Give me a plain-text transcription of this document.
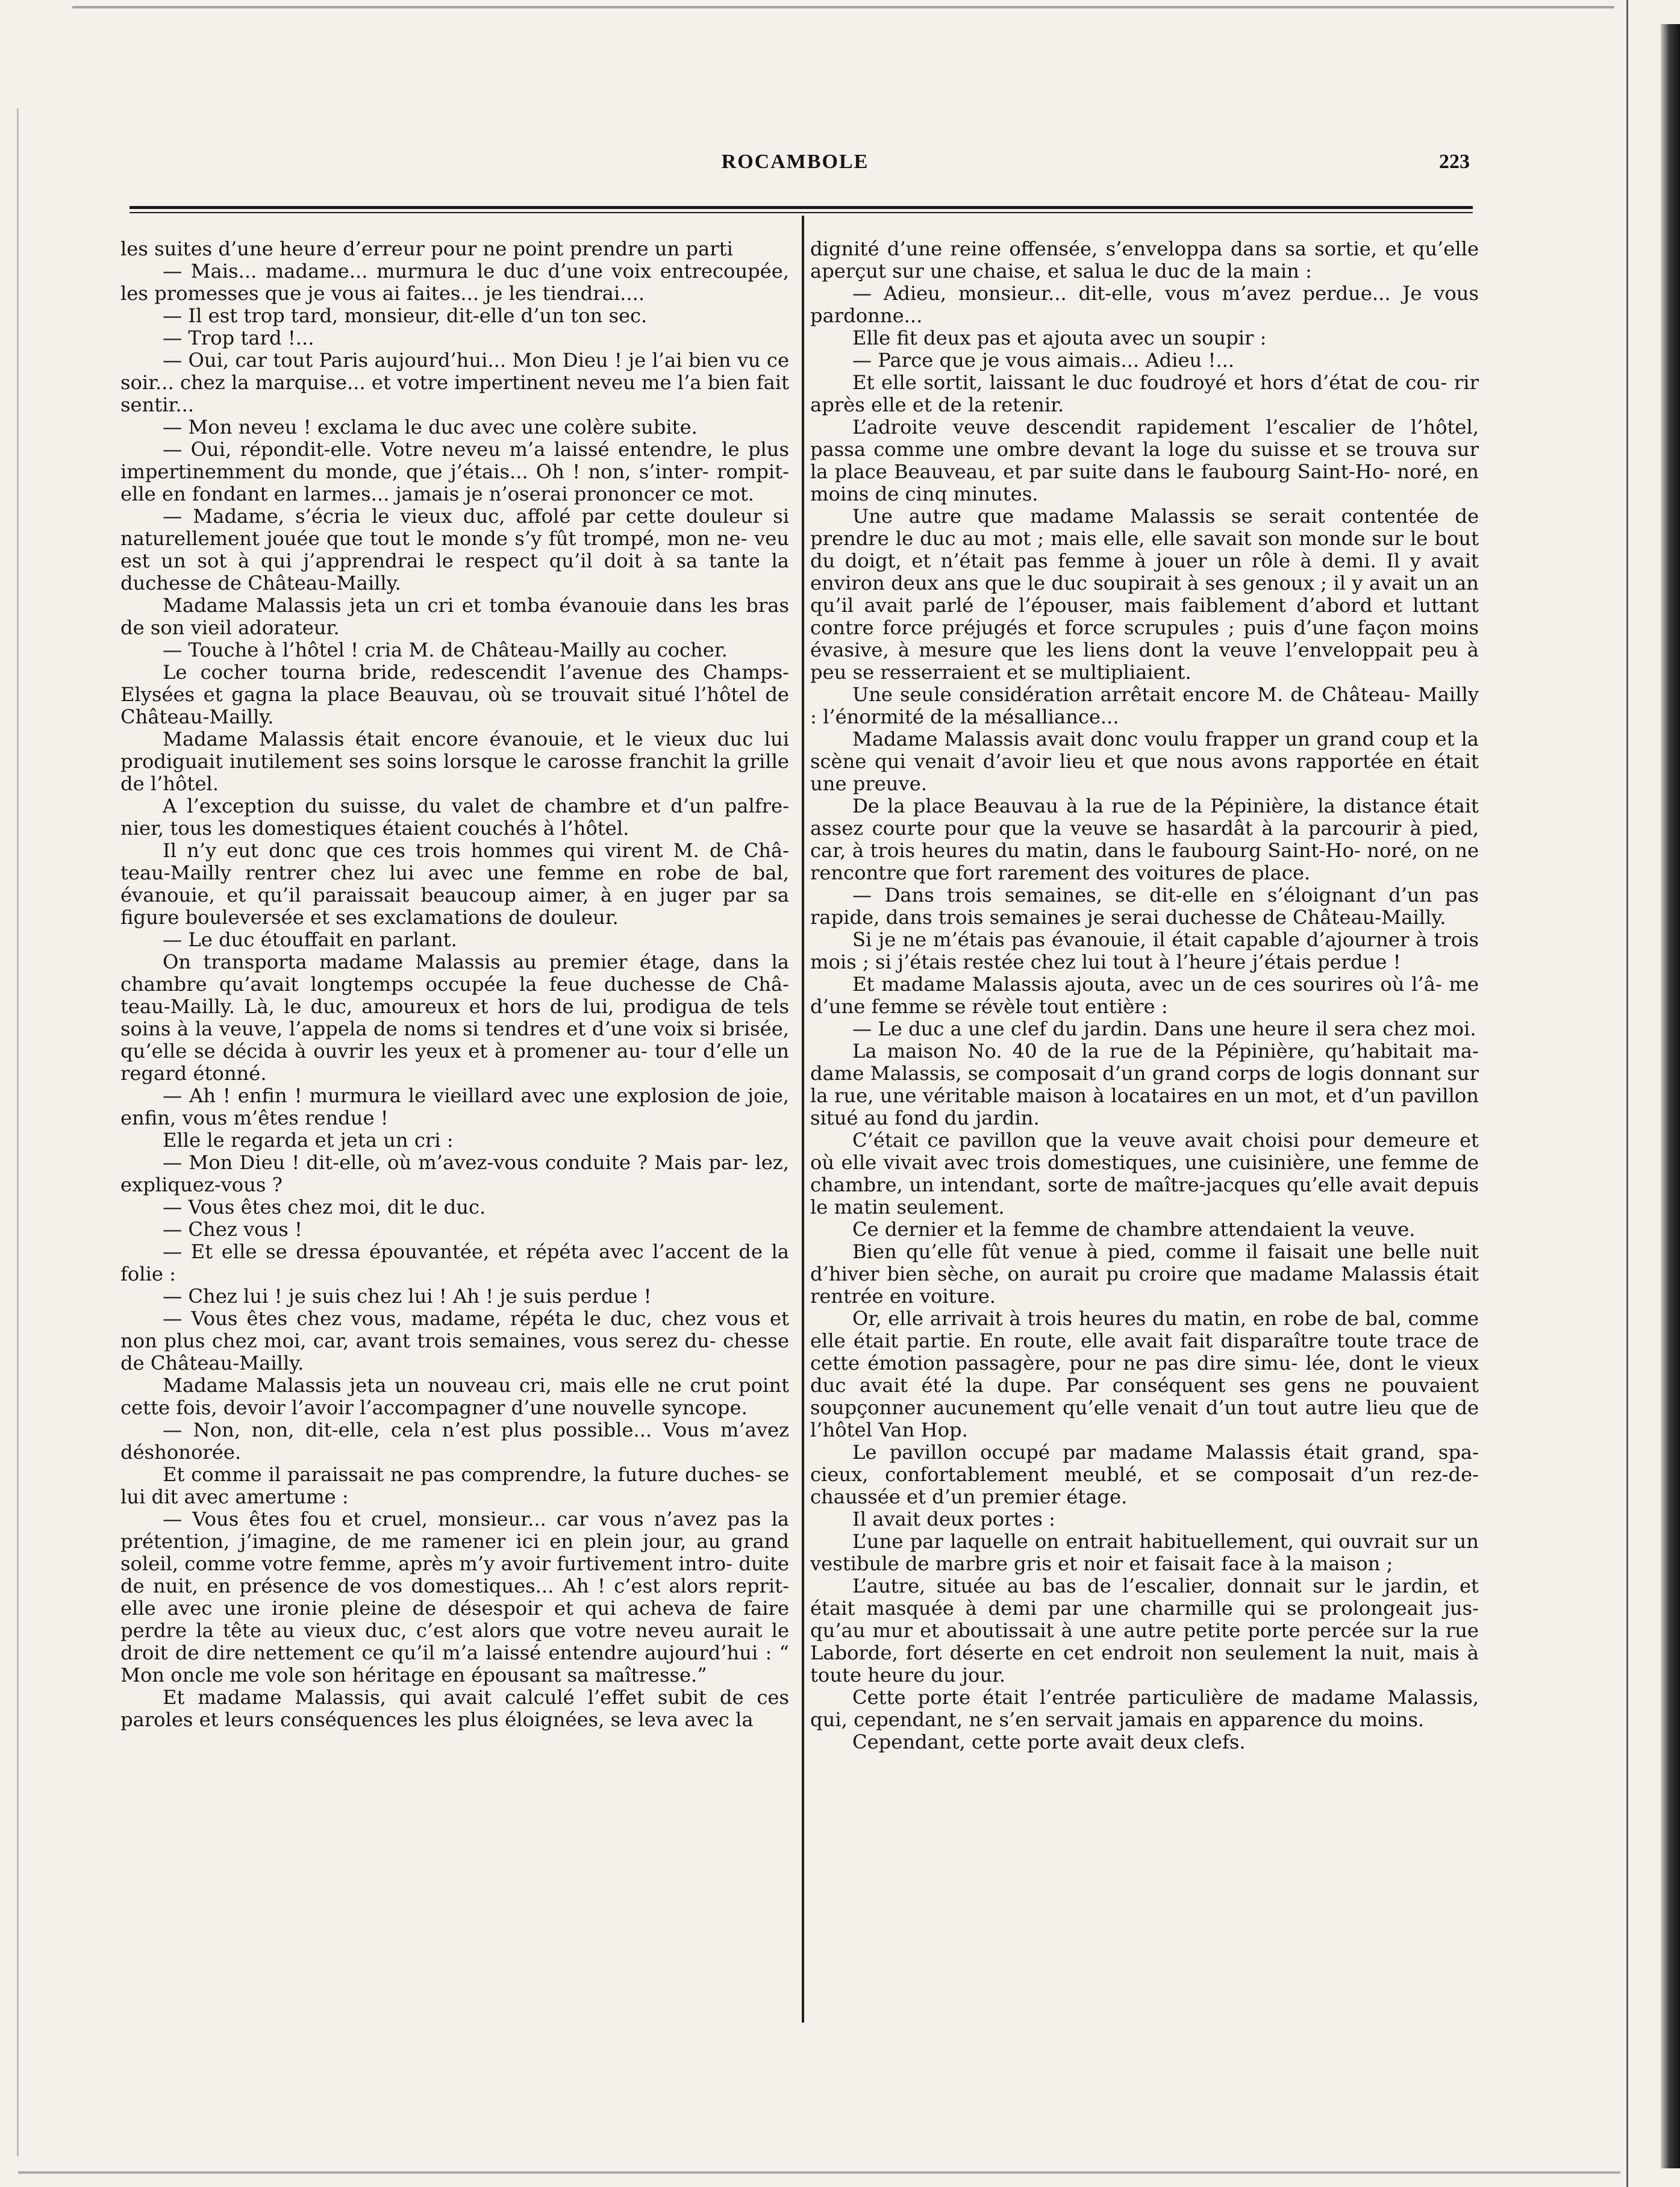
ROCAMBOLE	223

les suites d’une heure d’erreur pour ne point prendre un parti

— Mais... madame... murmura le duc d’une voix entrecoupée, les promesses que je vous ai faites... je les tiendrai....

— Il est trop tard, monsieur, dit-elle d’un ton sec.

— Trop tard !...

— Oui, car tout Paris aujourd’hui... Mon Dieu ! je l’ai bien vu ce soir... chez la marquise... et votre impertinent neveu me l’a bien fait sentir...

— Mon neveu ! exclama le duc avec une colère subite.

— Oui, répondit-elle. Votre neveu m’a laissé entendre, le plus impertinemment du monde, que j’étais... Oh ! non, s’inter- rompit-elle en fondant en larmes... jamais je n’oserai prononcer ce mot.

— Madame, s’écria le vieux duc, affolé par cette douleur si naturellement jouée que tout le monde s’y fût trompé, mon ne- veu est un sot à qui j’apprendrai le respect qu’il doit à sa tante la duchesse de Château-Mailly.

Madame Malassis jeta un cri et tomba évanouie dans les bras de son vieil adorateur.

— Touche à l’hôtel ! cria M. de Château-Mailly au cocher.

Le cocher tourna bride, redescendit l’avenue des Champs- Elysées et gagna la place Beauvau, où se trouvait situé l’hôtel de Château-Mailly.

Madame Malassis était encore évanouie, et le vieux duc lui prodiguait inutilement ses soins lorsque le carosse franchit la grille de l’hôtel.

A l’exception du suisse, du valet de chambre et d’un palfre- nier, tous les domestiques étaient couchés à l’hôtel.

Il n’y eut donc que ces trois hommes qui virent M. de Châ- teau-Mailly rentrer chez lui avec une femme en robe de bal, évanouie, et qu’il paraissait beaucoup aimer, à en juger par sa figure bouleversée et ses exclamations de douleur.

— Le duc étouffait en parlant.

On transporta madame Malassis au premier étage, dans la chambre qu’avait longtemps occupée la feue duchesse de Châ- teau-Mailly. Là, le duc, amoureux et hors de lui, prodigua de tels soins à la veuve, l’appela de noms si tendres et d’une voix si brisée, qu’elle se décida à ouvrir les yeux et à promener au- tour d’elle un regard étonné.

— Ah ! enfin ! murmura le vieillard avec une explosion de joie, enfin, vous m’êtes rendue !

Elle le regarda et jeta un cri :

— Mon Dieu ! dit-elle, où m’avez-vous conduite ? Mais par- lez, expliquez-vous ?

— Vous êtes chez moi, dit le duc.

— Chez vous !

— Et elle se dressa épouvantée, et répéta avec l’accent de la folie :

— Chez lui ! je suis chez lui ! Ah ! je suis perdue !

— Vous êtes chez vous, madame, répéta le duc, chez vous et non plus chez moi, car, avant trois semaines, vous serez du- chesse de Château-Mailly.

Madame Malassis jeta un nouveau cri, mais elle ne crut point cette fois, devoir l’avoir l’accompagner d’une nouvelle syncope.

— Non, non, dit-elle, cela n’est plus possible... Vous m’avez déshonorée.

Et comme il paraissait ne pas comprendre, la future duches- se lui dit avec amertume :

— Vous êtes fou et cruel, monsieur... car vous n’avez pas la prétention, j’imagine, de me ramener ici en plein jour, au grand soleil, comme votre femme, après m’y avoir furtivement intro- duite de nuit, en présence de vos domestiques... Ah ! c’est alors reprit-elle avec une ironie pleine de désespoir et qui acheva de faire perdre la tête au vieux duc, c’est alors que votre neveu aurait le droit de dire nettement ce qu’il m’a laissé entendre aujourd’hui : “ Mon oncle me vole son héritage en épousant sa maîtresse.”

Et madame Malassis, qui avait calculé l’effet subit de ces paroles et leurs conséquences les plus éloignées, se leva avec la

dignité d’une reine offensée, s’enveloppa dans sa sortie, et qu’elle aperçut sur une chaise, et salua le duc de la main :

— Adieu, monsieur... dit-elle, vous m’avez perdue... Je vous pardonne...

Elle fit deux pas et ajouta avec un soupir :

— Parce que je vous aimais... Adieu !...

Et elle sortit, laissant le duc foudroyé et hors d’état de cou- rir après elle et de la retenir.

L’adroite veuve descendit rapidement l’escalier de l’hôtel, passa comme une ombre devant la loge du suisse et se trouva sur la place Beauveau, et par suite dans le faubourg Saint-Ho- noré, en moins de cinq minutes.

Une autre que madame Malassis se serait contentée de prendre le duc au mot ; mais elle, elle savait son monde sur le bout du doigt, et n’était pas femme à jouer un rôle à demi. Il y avait environ deux ans que le duc soupirait à ses genoux ; il y avait un an qu’il avait parlé de l’épouser, mais faiblement d’abord et luttant contre force préjugés et force scrupules ; puis d’une façon moins évasive, à mesure que les liens dont la veuve l’enveloppait peu à peu se resserraient et se multipliaient.

Une seule considération arrêtait encore M. de Château- Mailly : l’énormité de la mésalliance...

Madame Malassis avait donc voulu frapper un grand coup et la scène qui venait d’avoir lieu et que nous avons rapportée en était une preuve.

De la place Beauvau à la rue de la Pépinière, la distance était assez courte pour que la veuve se hasardât à la parcourir à pied, car, à trois heures du matin, dans le faubourg Saint-Ho- noré, on ne rencontre que fort rarement des voitures de place.

— Dans trois semaines, se dit-elle en s’éloignant d’un pas rapide, dans trois semaines je serai duchesse de Château-Mailly.

Si je ne m’étais pas évanouie, il était capable d’ajourner à trois mois ; si j’étais restée chez lui tout à l’heure j’étais perdue !

Et madame Malassis ajouta, avec un de ces sourires où l’â- me d’une femme se révèle tout entière :

— Le duc a une clef du jardin. Dans une heure il sera chez moi.

La maison No. 40 de la rue de la Pépinière, qu’habitait ma- dame Malassis, se composait d’un grand corps de logis donnant sur la rue, une véritable maison à locataires en un mot, et d’un pavillon situé au fond du jardin.

C’était ce pavillon que la veuve avait choisi pour demeure et où elle vivait avec trois domestiques, une cuisinière, une femme de chambre, un intendant, sorte de maître-jacques qu’elle avait depuis le matin seulement.

Ce dernier et la femme de chambre attendaient la veuve.

Bien qu’elle fût venue à pied, comme il faisait une belle nuit d’hiver bien sèche, on aurait pu croire que madame Malassis était rentrée en voiture.

Or, elle arrivait à trois heures du matin, en robe de bal, comme elle était partie. En route, elle avait fait disparaître toute trace de cette émotion passagère, pour ne pas dire simu- lée, dont le vieux duc avait été la dupe. Par conséquent ses gens ne pouvaient soupçonner aucunement qu’elle venait d’un tout autre lieu que de l’hôtel Van Hop.

Le pavillon occupé par madame Malassis était grand, spa- cieux, confortablement meublé, et se composait d’un rez-de- chaussée et d’un premier étage.

Il avait deux portes :

L’une par laquelle on entrait habituellement, qui ouvrait sur un vestibule de marbre gris et noir et faisait face à la maison ;

L’autre, située au bas de l’escalier, donnait sur le jardin, et était masquée à demi par une charmille qui se prolongeait jus- qu’au mur et aboutissait à une autre petite porte percée sur la rue Laborde, fort déserte en cet endroit non seulement la nuit, mais à toute heure du jour.

Cette porte était l’entrée particulière de madame Malassis, qui, cependant, ne s’en servait jamais en apparence du moins.

Cependant, cette porte avait deux clefs.
